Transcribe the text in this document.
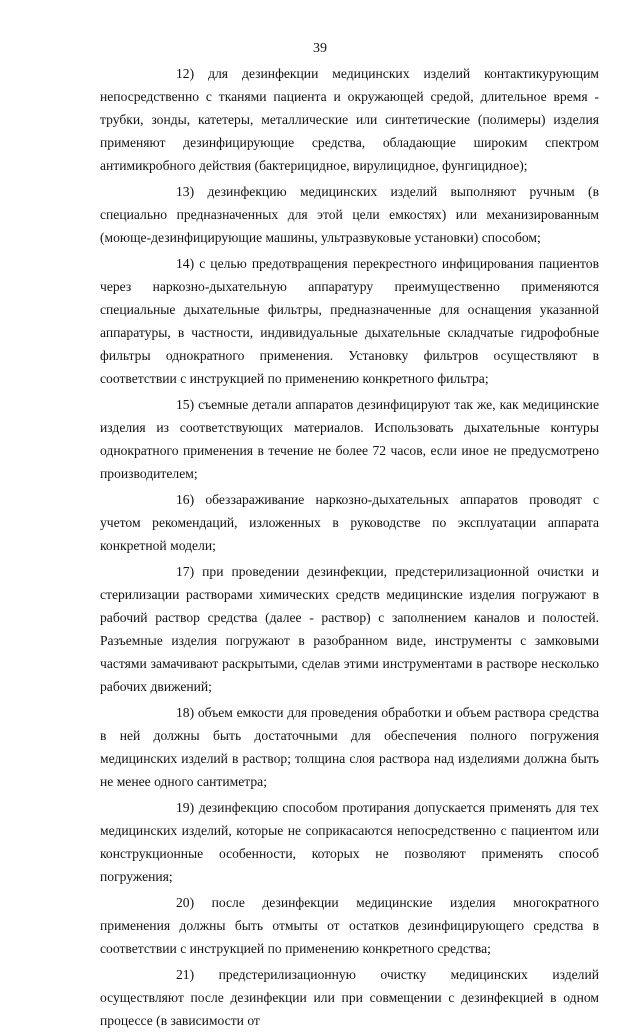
39

12) для дезинфекции медицинских изделий контактикурующим непосредственно с тканями пациента и окружающей средой, длительное время - трубки, зонды, катетеры, металлические или синтетические (полимеры) изделия применяют дезинфицирующие средства, обладающие широким спектром антимикробного действия (бактерицидное, вирулицидное, фунгицидное);

13) дезинфекцию медицинских изделий выполняют ручным (в специально предназначенных для этой цели емкостях) или механизированным (моюще-дезинфицирующие машины, ультразвуковые установки) способом;

14) с целью предотвращения перекрестного инфицирования пациентов через наркозно-дыхательную аппаратуру преимущественно применяются специальные дыхательные фильтры, предназначенные для оснащения указанной аппаратуры, в частности, индивидуальные дыхательные складчатые гидрофобные фильтры однократного применения. Установку фильтров осуществляют в соответствии с инструкцией по применению конкретного фильтра;

15) съемные детали аппаратов дезинфицируют так же, как медицинские изделия из соответствующих материалов. Использовать дыхательные контуры однократного применения в течение не более 72 часов, если иное не предусмотрено производителем;

16) обеззараживание наркозно-дыхательных аппаратов проводят с учетом рекомендаций, изложенных в руководстве по эксплуатации аппарата конкретной модели;

17) при проведении дезинфекции, предстерилизационной очистки и стерилизации растворами химических средств медицинские изделия погружают в рабочий раствор средства (далее - раствор) с заполнением каналов и полостей. Разъемные изделия погружают в разобранном виде, инструменты с замковыми частями замачивают раскрытыми, сделав этими инструментами в растворе несколько рабочих движений;

18) объем емкости для проведения обработки и объем раствора средства в ней должны быть достаточными для обеспечения полного погружения медицинских изделий в раствор; толщина слоя раствора над изделиями должна быть не менее одного сантиметра;

19) дезинфекцию способом протирания допускается применять для тех медицинских изделий, которые не соприкасаются непосредственно с пациентом или конструкционные особенности, которых не позволяют применять способ погружения;

20) после дезинфекции медицинские изделия многократного применения должны быть отмыты от остатков дезинфицирующего средства в соответствии с инструкцией по применению конкретного средства;

21) предстерилизационную очистку медицинских изделий осуществляют после дезинфекции или при совмещении с дезинфекцией в одном процессе (в зависимости от
